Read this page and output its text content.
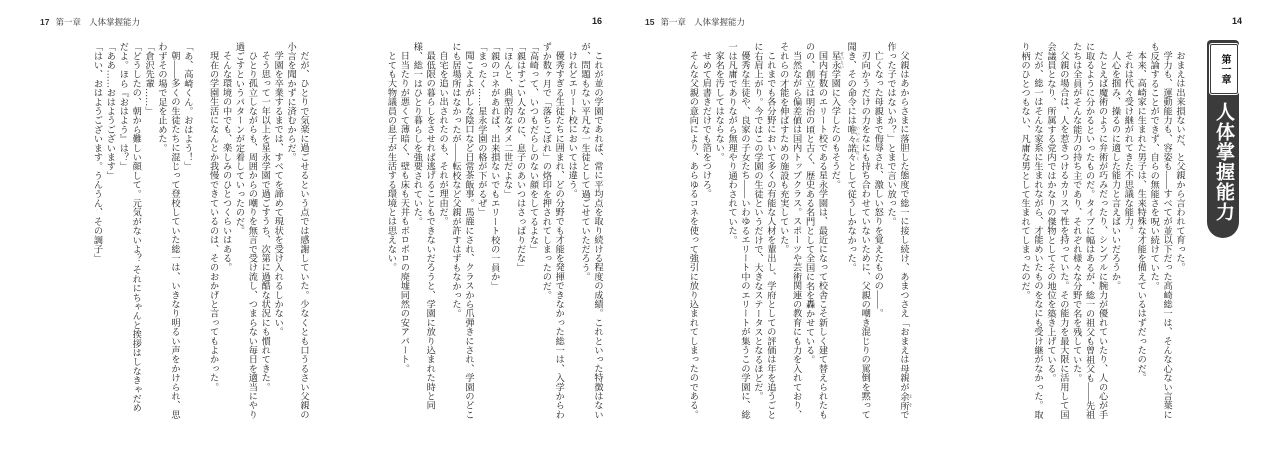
14
第一章
人体掌握能力

おまえは出来損ないだ、と父親から言われて育った。

学力も、運動能力も、容姿も——すべてが並以下だった高崎総一は、そんな心ない言葉にも反論することができず、自らの無能さを呪い続けていた。

本来、高崎家に生まれた男子は、生来特殊な才能を備えているはずだったのだ。

それは代々受け継がれてきた不思議な能力。

人心を掴み、操るのに適した能力と言えばいいだろうか。

たとえば魔術のように弁術が巧みだったり、シンプルに腕力が優れていたり、人の心が手に取るように分かるといったものだ。タイプに幅はあるが、総一の祖父も曾祖父も——先祖たちは全員がそんな能力の持ち主であり、それぞれ様々な分野で名を残していた。

父親の場合は、人を惹きつけるカリスマ性を持っていた。その能力を最大限に活用して国会議員となり、所属する党内ではかなりの傑物としてその地位を築き上げている。

だが、総一はそんな家系に生まれながら、才能めいたものをなにも受け継がなかった。取り柄のひとつもない、凡庸な男として生まれてしまったのだ。

15 第一章 人体掌握能力

父親はあからさまに落胆した態度で総一に接し続け、あまつさえ「おまえは母親が余所 よそで作った子ではないか？」とまで言い放った。

亡くなった母親まで侮辱され、激しい怒りを覚えたものの——。

刃向かうだけの力をなにも持ち合わせていないために、父親の嘲き混じりの罵倒を黙って聞き、その命令には唯々諾々 いいだくだくとして従うしかなかった。

星永 せいえい学園に入学したのもそうだ。

国内有数のエリート校である星永学園は、最近になって校舎こそ新しく建て替えられたものの、創立は明治の頃と古く、歴史ある名門として全国に名を轟かせている。

当然ながら偏差値は国内トップクラス。スポーツや芸術関連の教育にも力を入れており、それらの才能を伸ばすための施設も充実していた。

これまでも各分野において多くの有能な人材を輩出し、学府としての評価は年を追うごとに右肩上がり。今ではこの学園の生徒というだけで、大きなステータスとなるほどだ。

優秀な生徒や、良家の子女たち——いわゆるエリート中のエリートが集うこの学園に、総一は凡庸でありながら無理やり通わされていた。

家名を汚してはならない。

せめて肩書きだけでも箔をつけろ。

そんな父親の意向により、あらゆるコネを使って強引に放り込まれてしまったのである。

16

これが並の学園であれば、常に平均点を取り続ける程度の成績。これといった特徴はないが、問題もない平凡な一生徒として過ごせていただろう。

けれどエリート校においては違う。

優秀すぎる生徒たちに囲まれ、どの分野でも才能を発揮できなかった総一は、入学からわずか数ヶ月で「落ちこぼれ」の烙印を押されてしまったのだ。

「高崎って、いつもだらしのない顔をしてるよな」

「親はすごい人なのに、息子のあいつはさっぱりだな」

「ほんと、典型的なダメ二世だよな」

「親のコネがあれば、出来損ないでもエリート校の一員か」

「まったく……星永学園の格が下がるぜ」

聞こえよがしな陰口など日常茶飯事。馬鹿にされ、クラスから爪弾きにされ、学園のどこにも居場所はなかったが——転校など父親が許すはずもなかった。

自宅を追い出されたのも、それが理由だ。

最低限の暮らしをさせれば逃げることもできないだろうと、学園に放り込まれた時と同様、総一はひとり暮らしを強要されていた。

日当たりが悪くて薄暗く、壁も床も天井もボロボロの廃墟同然の安アパート。

とても大物議員の息子が生活する環境とは思えない。

17 第一章 人体掌握能力

だが、ひとりで気楽に過ごせるという点では感謝していた。少なくとも口うるさい父親の小言を聞かずに済むからだ。

学園を卒業するまでは、すべてを諦めて現状を受け入れるしかない。

そう思って一年以上を星永学園で過ごすうち、次第に過酷な状況にも慣れてきた。

ひとり孤立しながらも、周囲からの嘲りを無言で受け流し、つまらない毎日を適当にやり過ごすというパターンが定着していったのだ。

そんな環境の中でも、楽しみのひとつくらいはある。

現在の学園生活になんとか我慢できているのは、そのおかげと言ってもよかった。

「あ、高崎くん。おはよう！」

朝——多くの生徒たちに混じって登校していた総一は、いきなり明るい声をかけられ、思わずその場で足を止めた。

「倉沢先輩……」

「どうしたの、朝から難しい顔して。元気がないよ？ それにちゃんと挨拶はしなきゃだめだよ。ほら『おはよう』は？」

「ああ……おはようございます」

「はい、おはようございます。うんうん、その調子」
